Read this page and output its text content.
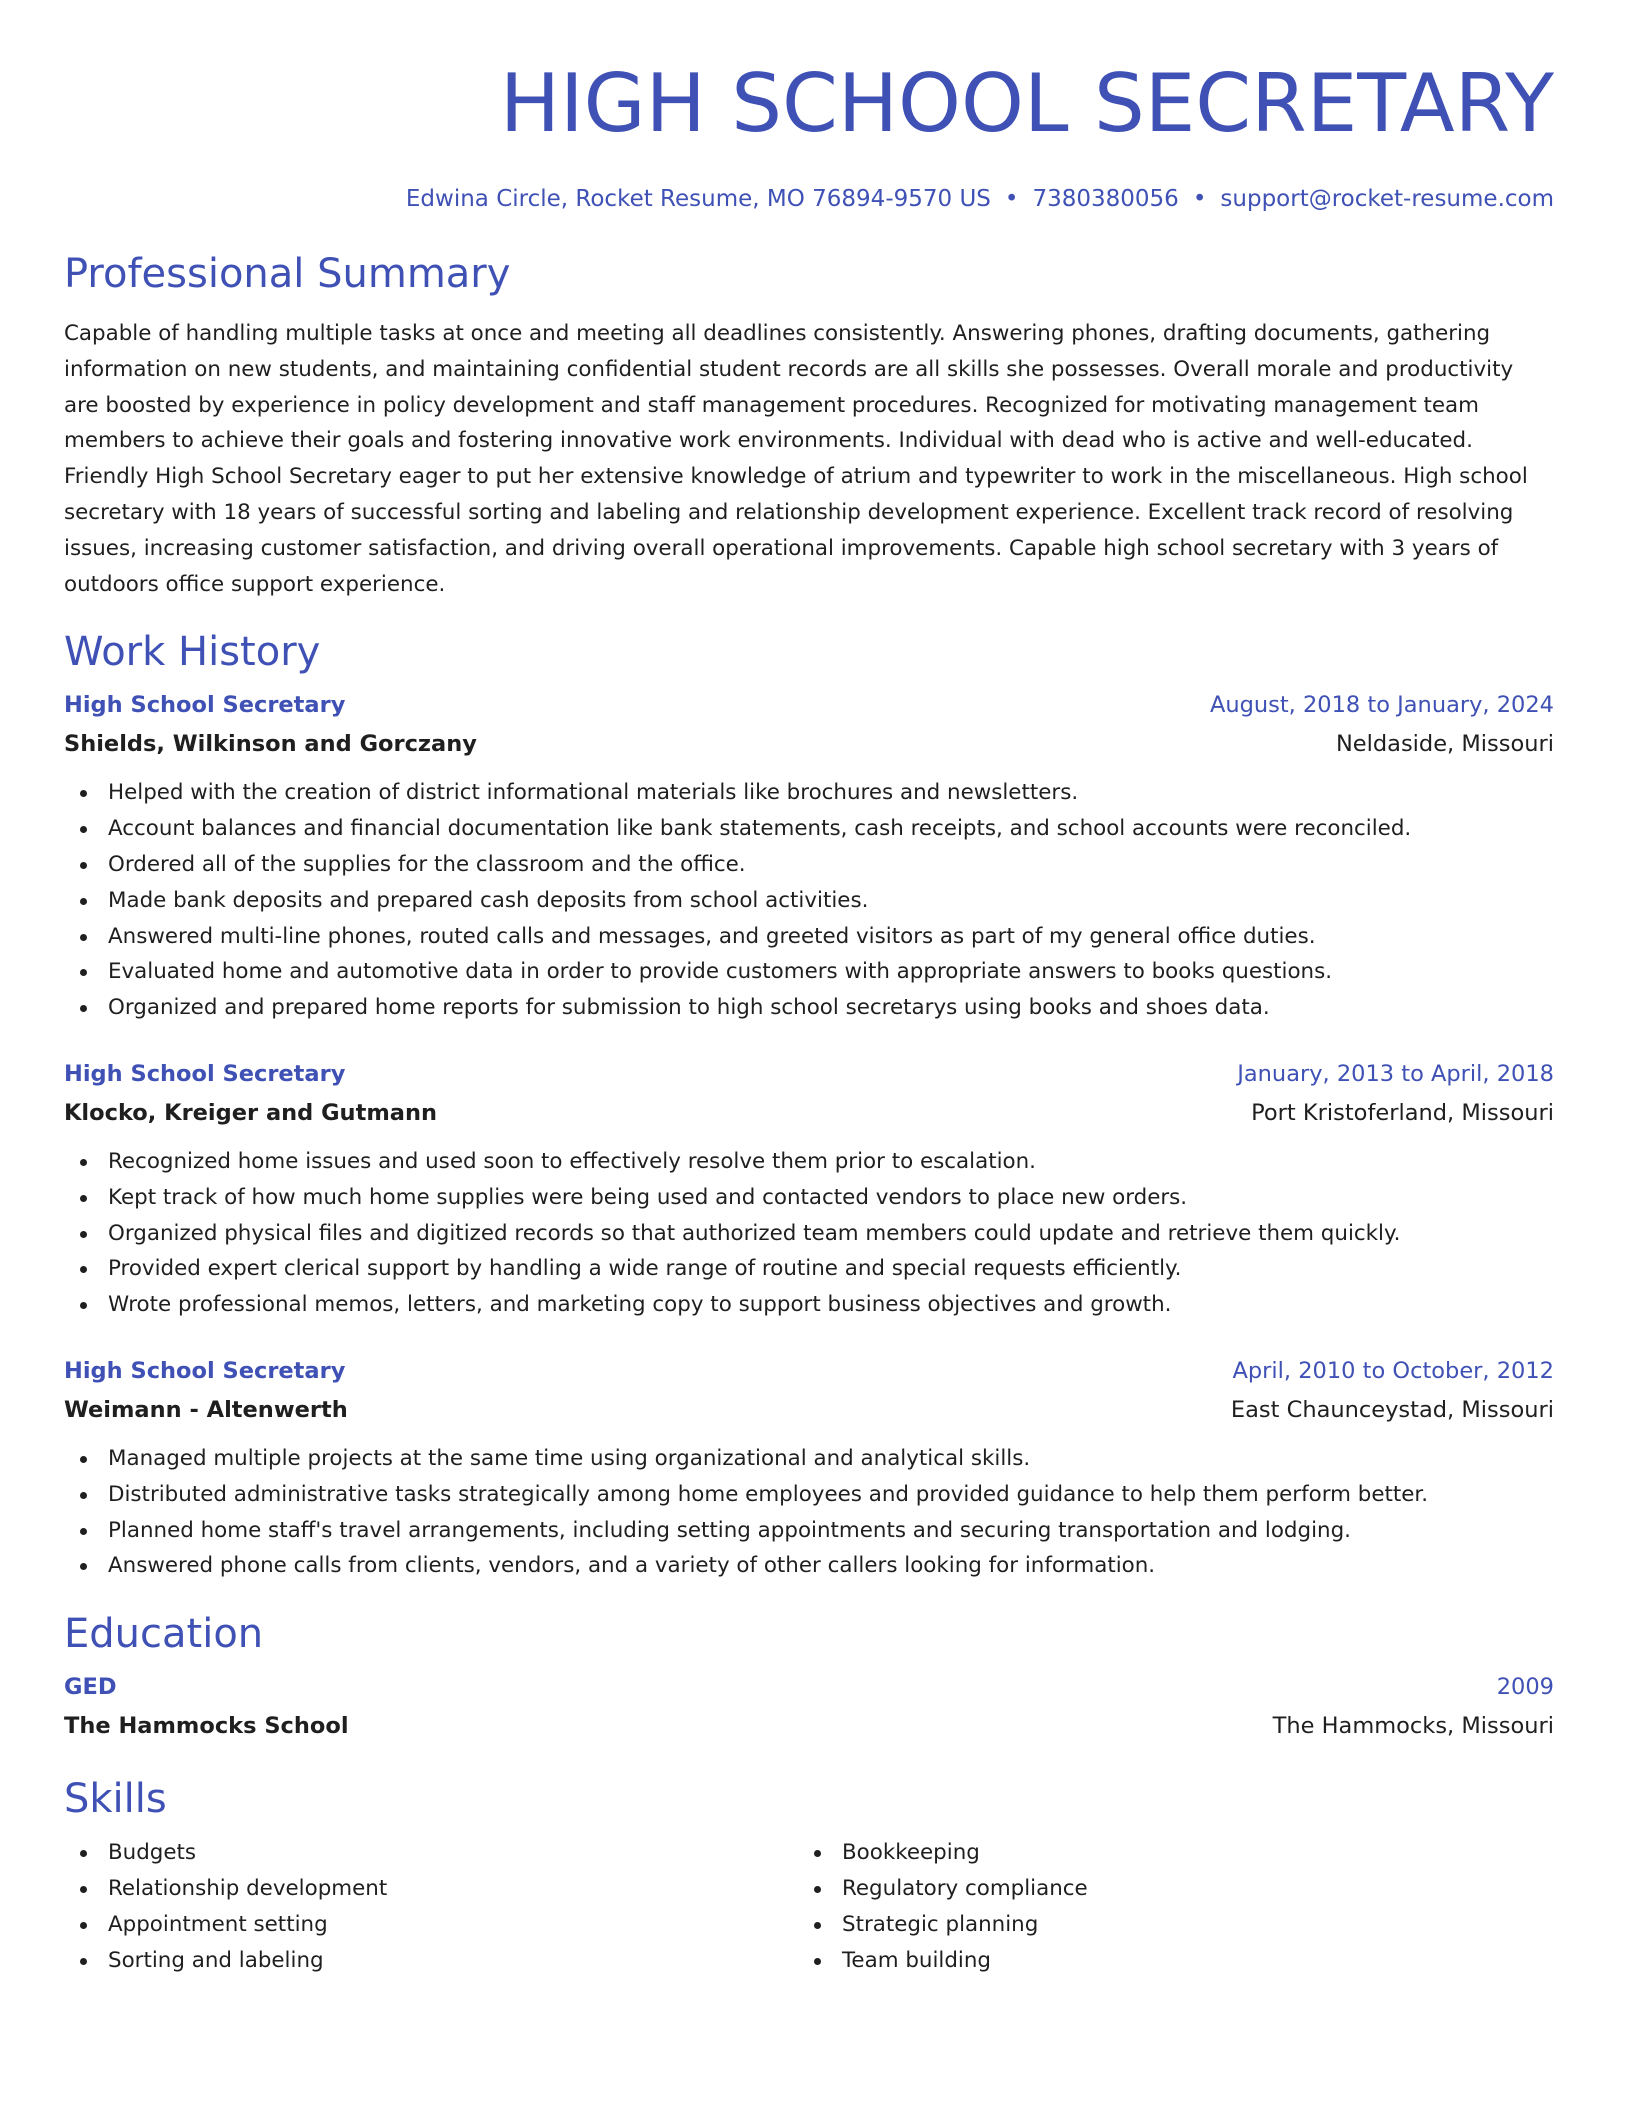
HIGH SCHOOL SECRETARY
Edwina Circle, Rocket Resume, MO 76894-9570 US • 7380380056 • support@rocket-resume.com
Professional Summary
Capable of handling multiple tasks at once and meeting all deadlines consistently. Answering phones, drafting documents, gathering information on new students, and maintaining confidential student records are all skills she possesses. Overall morale and productivity are boosted by experience in policy development and staff management procedures. Recognized for motivating management team members to achieve their goals and fostering innovative work environments. Individual with dead who is active and well-educated. Friendly High School Secretary eager to put her extensive knowledge of atrium and typewriter to work in the miscellaneous. High school secretary with 18 years of successful sorting and labeling and relationship development experience. Excellent track record of resolving issues, increasing customer satisfaction, and driving overall operational improvements. Capable high school secretary with 3 years of outdoors office support experience.
Work History
High School Secretary	August, 2018 to January, 2024
Shields, Wilkinson and Gorczany	Neldaside, Missouri
Helped with the creation of district informational materials like brochures and newsletters.
Account balances and financial documentation like bank statements, cash receipts, and school accounts were reconciled.
Ordered all of the supplies for the classroom and the office.
Made bank deposits and prepared cash deposits from school activities.
Answered multi-line phones, routed calls and messages, and greeted visitors as part of my general office duties.
Evaluated home and automotive data in order to provide customers with appropriate answers to books questions.
Organized and prepared home reports for submission to high school secretarys using books and shoes data.
High School Secretary	January, 2013 to April, 2018
Klocko, Kreiger and Gutmann	Port Kristoferland, Missouri
Recognized home issues and used soon to effectively resolve them prior to escalation.
Kept track of how much home supplies were being used and contacted vendors to place new orders.
Organized physical files and digitized records so that authorized team members could update and retrieve them quickly.
Provided expert clerical support by handling a wide range of routine and special requests efficiently.
Wrote professional memos, letters, and marketing copy to support business objectives and growth.
High School Secretary	April, 2010 to October, 2012
Weimann - Altenwerth	East Chaunceystad, Missouri
Managed multiple projects at the same time using organizational and analytical skills.
Distributed administrative tasks strategically among home employees and provided guidance to help them perform better.
Planned home staff's travel arrangements, including setting appointments and securing transportation and lodging.
Answered phone calls from clients, vendors, and a variety of other callers looking for information.
Education
GED	2009
The Hammocks School	The Hammocks, Missouri
Skills
Budgets
Relationship development
Appointment setting
Sorting and labeling
Bookkeeping
Regulatory compliance
Strategic planning
Team building
